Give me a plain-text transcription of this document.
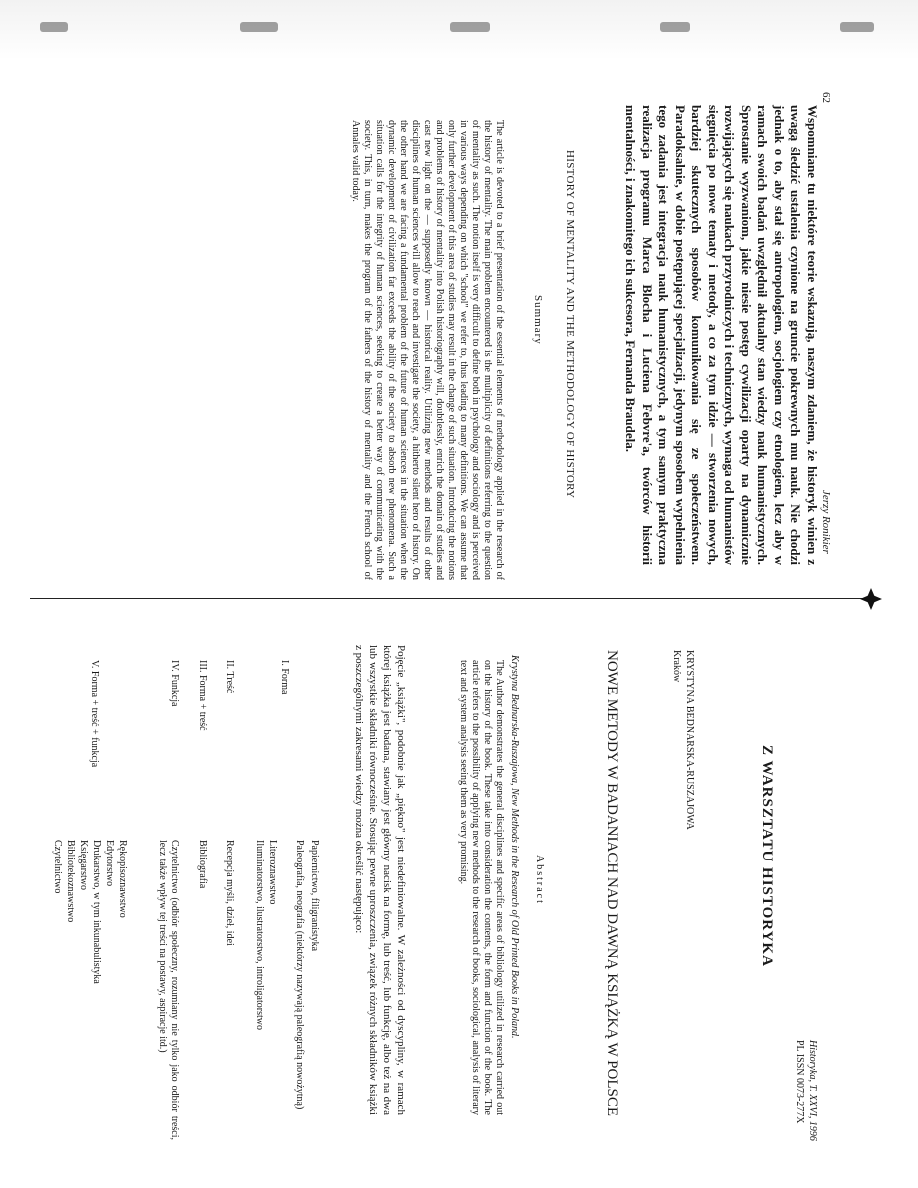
62
Jerzy Ronikier
Wspomniane tu niektóre teorie wskazują, naszym zdaniem, że historyk winien z uwagą śledzić ustalenia czynione na gruncie pokrewnych mu nauk. Nie chodzi jednak o to, aby stał się antropologiem, socjologiem czy etnologiem, lecz aby w ramach swoich badań uwzględnił aktualny stan wiedzy nauk humanistycznych. Sprostanie wyzwaniom, jakie niesie postęp cywilizacji oparty na dynamicznie rozwijających się naukach przyrodniczych i technicznych, wymaga od humanistów sięgnięcia po nowe tematy i metody, a co za tym idzie — stworzenia nowych, bardziej skutecznych sposobów komunikowania się ze społeczeństwem. Paradoksalnie, w dobie postępującej specjalizacji, jedynym sposobem wypełnienia tego zadania jest integracja nauk humanistycznych, a tym samym praktyczna realizacja programu Marca Blocha i Luciena Febvre'a, twórców historii mentalności, i znakomitego ich sukcesora, Fernanda Braudela.
HISTORY OF MENTALITY AND THE METHODOLOGY OF HISTORY
Summary
The article is devoted to a brief presentation of the essential elements of methodology applied in the research of the history of mentality. The main problem encountered is the multiplicity of definitions referring to the question of mentality as such. The notion itself is very difficult to define both in psychology and sociology and is perceived in various ways depending on which "school" we refer to, thus leading to many definitions. We can assume that only further development of this area of studies may result in the change of such situation. Introducing the notions and problems of history of mentality into Polish historiography will, doubtlessly, enrich the domain of studies and cast new light on the — supposedly known — historical reality. Utilizing new methods and results of other disciplines of human sciences will allow to reach and investigate the society, a hitherto silent hero of history. On the other hand we are facing a fundamental problem of the future of human sciences in the situation when the dynamic development of civilization far exceeds the ability of the society to absorb new phenomena. Such a situation calls for the integrity of human sciences, seeking to create a better way of communicating with the society. This, in turn, makes the program of the fathers of the history of mentality and the French school of Annales valid today.
Historyka, T. XXVI, 1996
PL ISSN 0073-277X
Z WARSZTATU HISTORYKA
NOWE METODY W BADANIACH NAD DAWNĄ KSIĄŻKĄ W POLSCE	KRYSTYNA BEDNARSKA-RUSZAJOWA
Kraków
Abstract
Krystyna Bednarska-Ruszajowa, New Methods in the Research of Old Printed Books in Poland.
The Author demonstrates the general disciplines and specific areas of bibliology utilized in research carried out on the history of the book. These take into consideration the contents, the form and function of the book. The article refers to the possibility of applying new methods to the research of books, sociological, analysis of literary text and system analysis seeing them as very promising.
Pojęcie „książki", podobnie jak „piękno" jest niedefiniowalne. W zależności od dyscypliny, w ramach której książka jest badana, stawiany jest główny nacisk na formę, lub treść, lub funkcję, albo też na dwa lub wszystkie składniki równocześnie. Stosując pewne uproszczenia, związek różnych składników książki z poszczególnymi zakresami wiedzy można określić następująco:
I. Forma
Papiernictwo, filigranistyka
Paleografia, neografia (niektórzy nazywają paleografią nowożytną)
Literoznawstwo
Iluminatorstwo, ilustratorstwo, introligatorstwo
II. Treść
Recepcja myśli, dzieł, idei
III. Forma + treść
Bibliografia
IV. Funkcja
Czytelnictwo (odbiór społeczny, rozumiany nie tylko jako odbiór treści, lecz także wpływ tej treści na postawy, aspiracje itd.)
V. Forma + treść + funkcja
Rękopisoznawstwo
Edytorstwo
Drukarstwo, w tym inkunabulistyka
Księgarstwo
Bibliotekoznawstwo
Czytelnictwo
